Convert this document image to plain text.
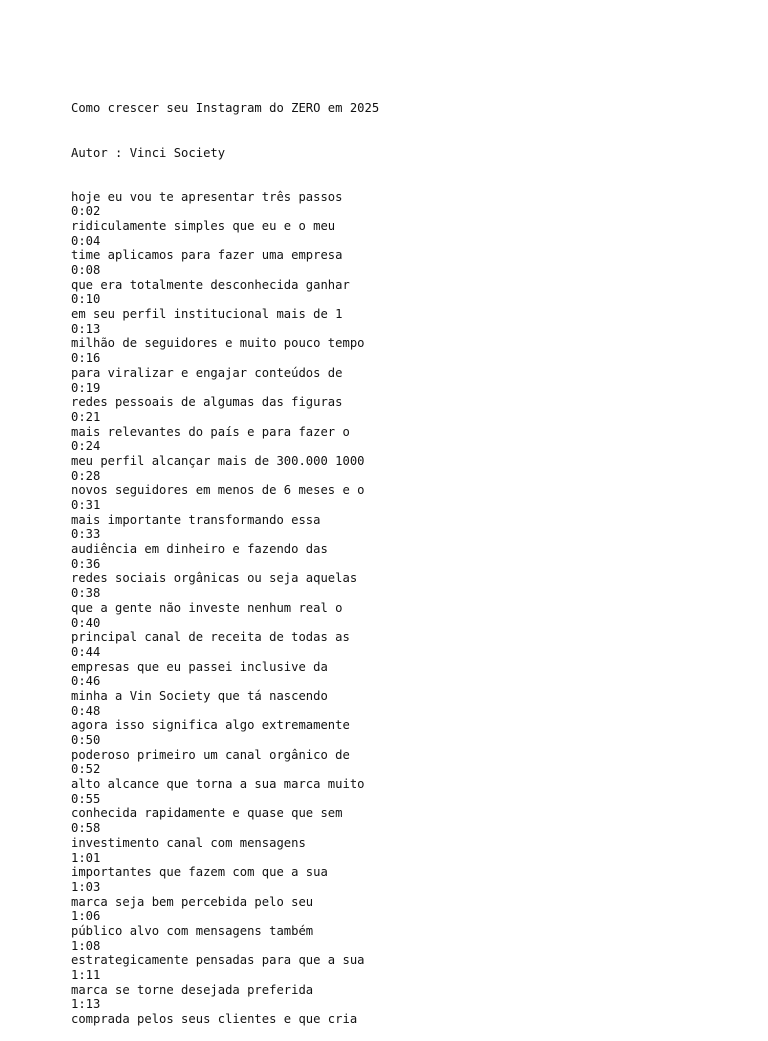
Como crescer seu Instagram do ZERO em 2025

Autor : Vinci Society

hoje eu vou te apresentar três passos
0:02
ridiculamente simples que eu e o meu
0:04
time aplicamos para fazer uma empresa
0:08
que era totalmente desconhecida ganhar
0:10
em seu perfil institucional mais de 1
0:13
milhão de seguidores e muito pouco tempo
0:16
para viralizar e engajar conteúdos de
0:19
redes pessoais de algumas das figuras
0:21
mais relevantes do país e para fazer o
0:24
meu perfil alcançar mais de 300.000 1000
0:28
novos seguidores em menos de 6 meses e o
0:31
mais importante transformando essa
0:33
audiência em dinheiro e fazendo das
0:36
redes sociais orgânicas ou seja aquelas
0:38
que a gente não investe nenhum real o
0:40
principal canal de receita de todas as
0:44
empresas que eu passei inclusive da
0:46
minha a Vin Society que tá nascendo
0:48
agora isso significa algo extremamente
0:50
poderoso primeiro um canal orgânico de
0:52
alto alcance que torna a sua marca muito
0:55
conhecida rapidamente e quase que sem
0:58
investimento canal com mensagens
1:01
importantes que fazem com que a sua
1:03
marca seja bem percebida pelo seu
1:06
público alvo com mensagens também
1:08
estrategicamente pensadas para que a sua
1:11
marca se torne desejada preferida
1:13
comprada pelos seus clientes e que cria
